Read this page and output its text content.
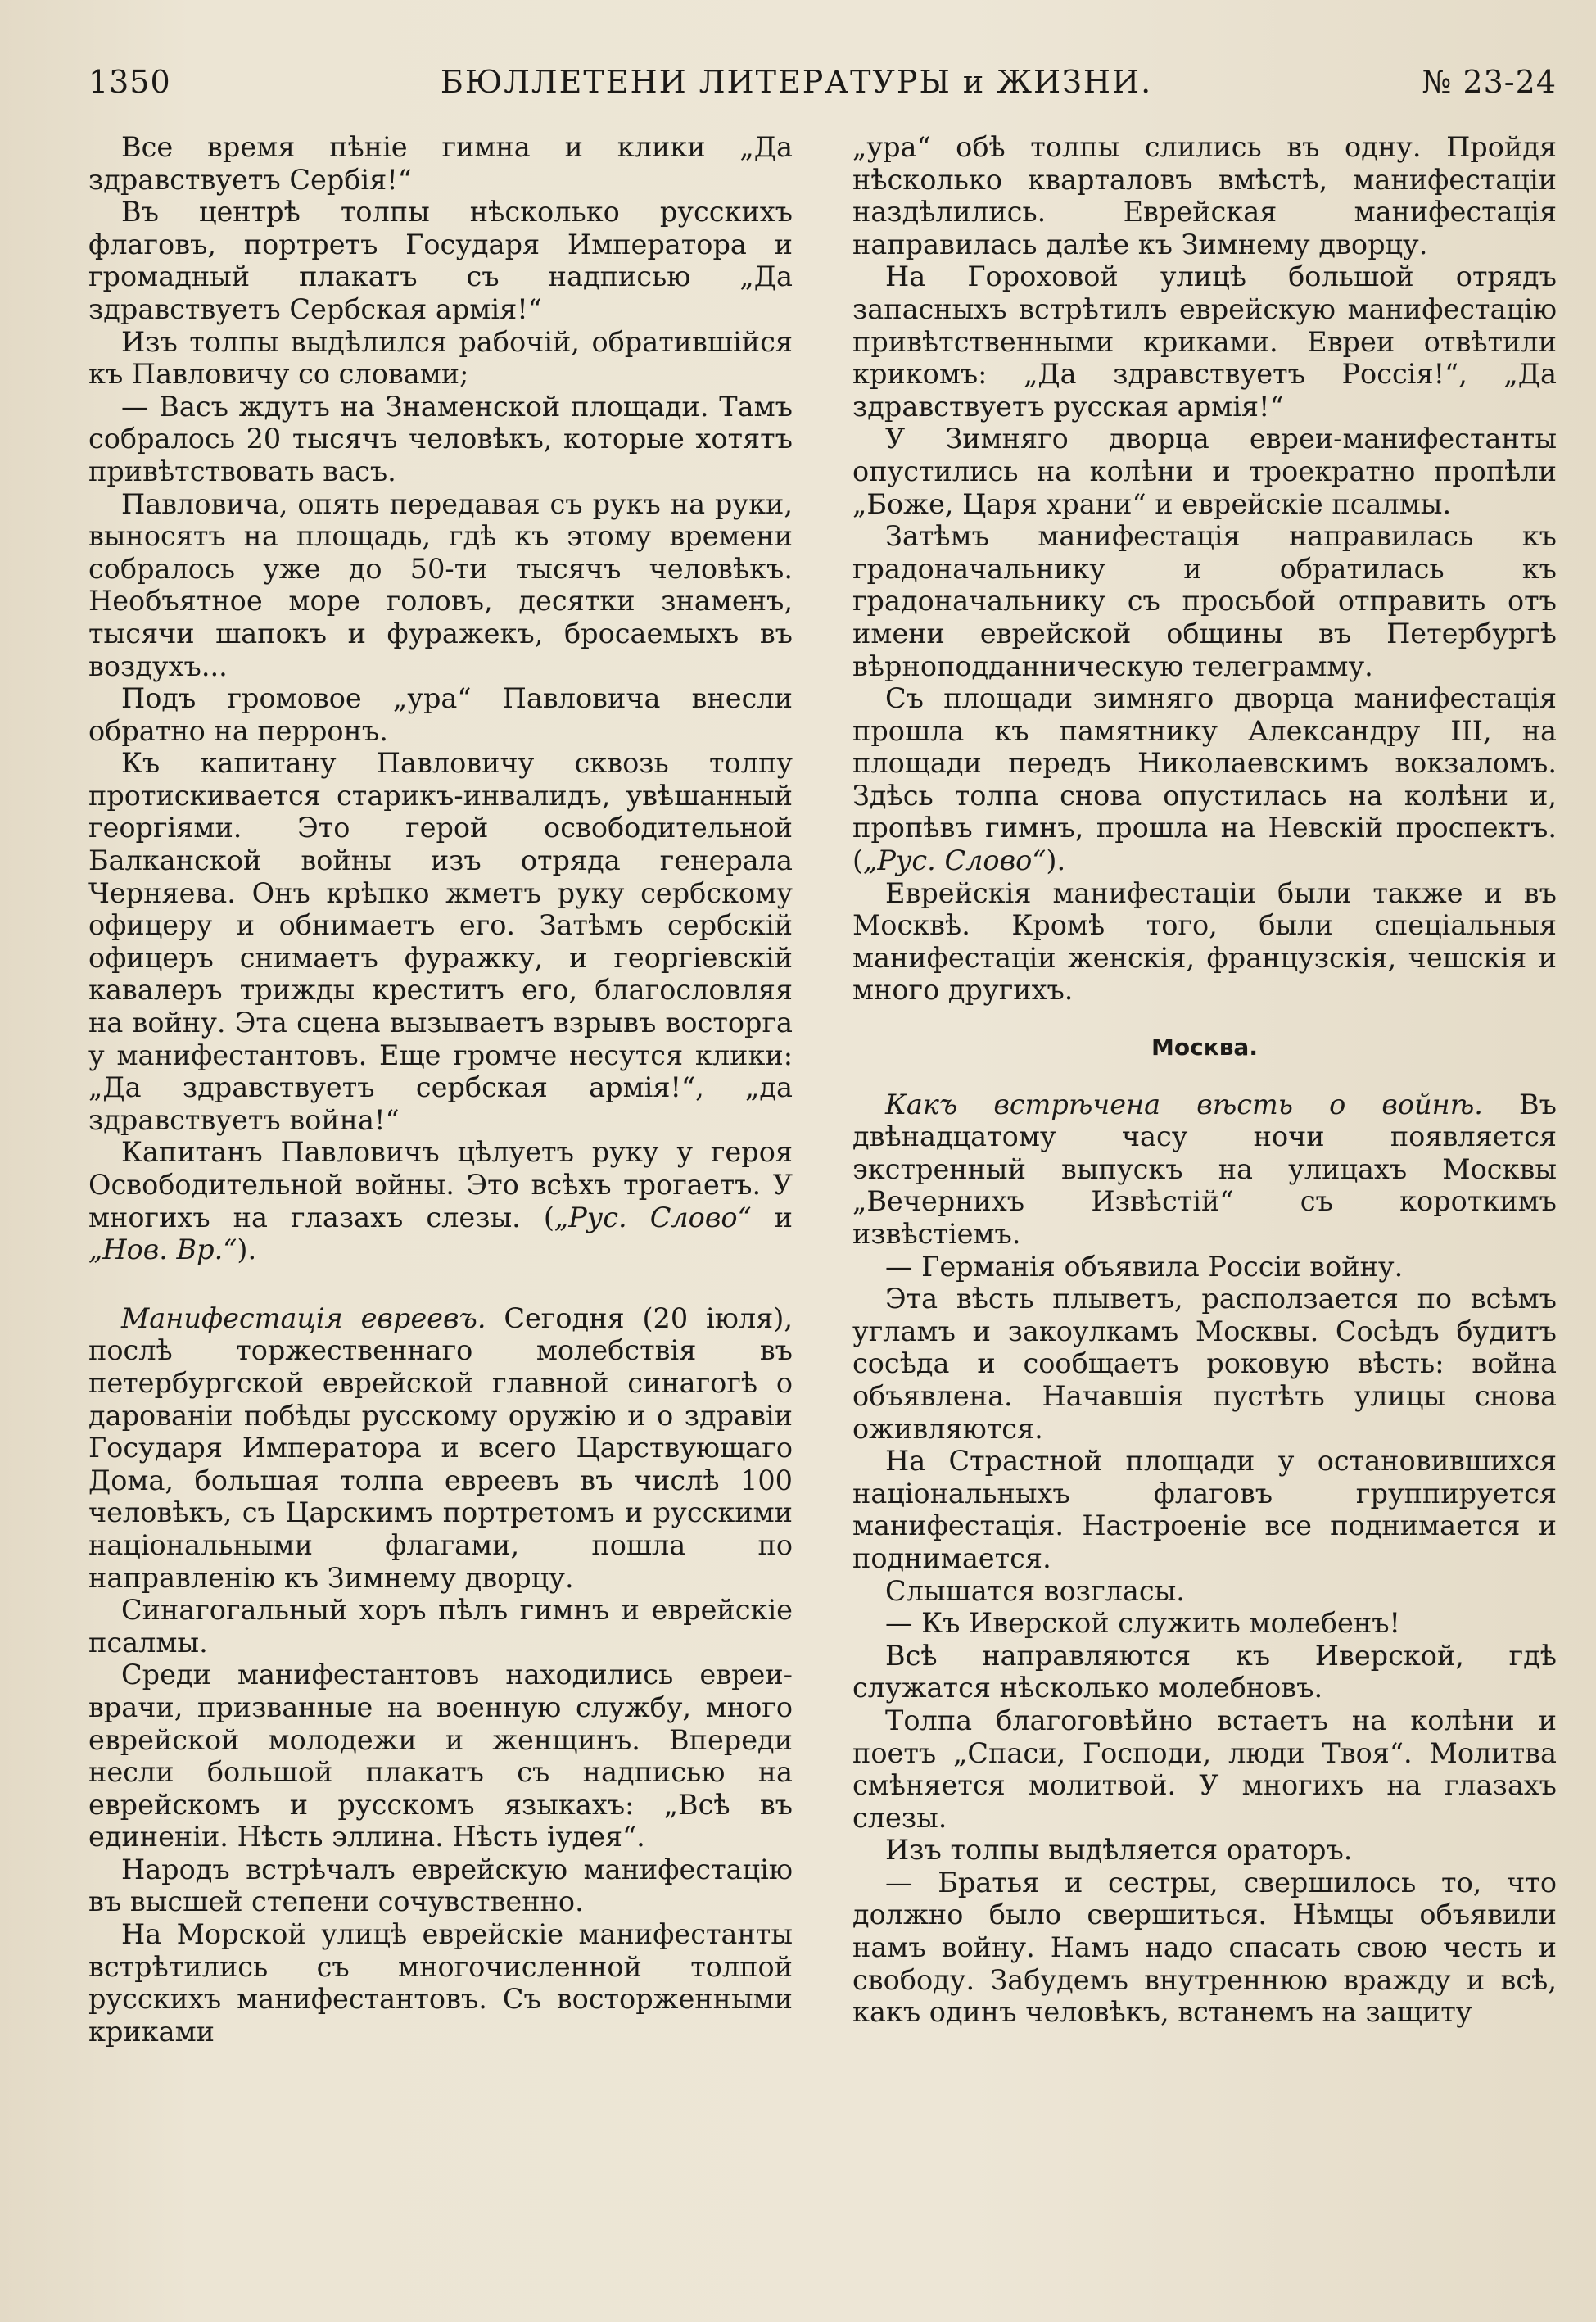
1350	БЮЛЛЕТЕНИ ЛИТЕРАТУРЫ и ЖИЗНИ.	№ 23-24

Все время пѣніе гимна и клики „Да здравствуетъ Сербія!“

Въ центрѣ толпы нѣсколько русскихъ флаговъ, портретъ Государя Императора и громадный плакатъ съ надписью „Да здравствуетъ Сербская армія!“

Изъ толпы выдѣлился рабочій, обратившійся къ Павловичу со словами;

— Васъ ждутъ на Знаменской площади. Тамъ собралось 20 тысячъ человѣкъ, которые хотятъ привѣтствовать васъ.

Павловича, опять передавая съ рукъ на руки, выносятъ на площадь, гдѣ къ этому времени собралось уже до 50-ти тысячъ человѣкъ. Необъятное море головъ, десятки знаменъ, тысячи шапокъ и фуражекъ, бросаемыхъ въ воздухъ...

Подъ громовое „ура“ Павловича внесли обратно на перронъ.

Къ капитану Павловичу сквозь толпу протискивается старикъ-инвалидъ, увѣшанный георгіями. Это герой освободительной Балканской войны изъ отряда генерала Черняева. Онъ крѣпко жметъ руку сербскому офицеру и обнимаетъ его. Затѣмъ сербскій офицеръ снимаетъ фуражку, и георгіевскій кавалеръ трижды креститъ его, благословляя на войну. Эта сцена вызываетъ взрывъ восторга у манифестантовъ. Еще громче несутся клики: „Да здравствуетъ сербская армія!“, „да здравствуетъ война!“

Капитанъ Павловичъ цѣлуетъ руку у героя Освободительной войны. Это всѣхъ трогаетъ. У многихъ на глазахъ слезы. („Рус. Слово“ и „Нов. Вр.“).

Манифестація евреевъ. Сегодня (20 іюля), послѣ торжественнаго молебствія въ петербургской еврейской главной синагогѣ о дарованіи побѣды русскому оружію и о здравіи Государя Императора и всего Царствующаго Дома, большая толпа евреевъ въ числѣ 100 человѣкъ, съ Царскимъ портретомъ и русскими національными флагами, пошла по направленію къ Зимнему дворцу.

Синагогальный хоръ пѣлъ гимнъ и еврейскіе псалмы.

Среди манифестантовъ находились евреи-врачи, призванные на военную службу, много еврейской молодежи и женщинъ. Впереди несли большой плакатъ съ надписью на еврейскомъ и русскомъ языкахъ: „Всѣ въ единеніи. Нѣсть эллина. Нѣсть іудея“.

Народъ встрѣчалъ еврейскую манифестацію въ высшей степени сочувственно.

На Морской улицѣ еврейскіе манифестанты встрѣтились съ многочисленной толпой русскихъ манифестантовъ. Съ восторженными криками

„ура“ обѣ толпы слились въ одну. Пройдя нѣсколько кварталовъ вмѣстѣ, манифестаціи наздѣлились. Еврейская манифестація направилась далѣе къ Зимнему дворцу.

На Гороховой улицѣ большой отрядъ запасныхъ встрѣтилъ еврейскую манифестацію привѣтственными криками. Евреи отвѣтили крикомъ: „Да здравствуетъ Россія!“, „Да здравствуетъ русская армія!“

У Зимняго дворца евреи-манифестанты опустились на колѣни и троекратно пропѣли „Боже, Царя храни“ и еврейскіе псалмы.

Затѣмъ манифестація направилась къ градоначальнику и обратилась къ градоначальнику съ просьбой отправить отъ имени еврейской общины въ Петербургѣ вѣрноподданническую телеграмму.

Съ площади зимняго дворца манифестація прошла къ памятнику Александру III, на площади передъ Николаевскимъ вокзаломъ. Здѣсь толпа снова опустилась на колѣни и, пропѣвъ гимнъ, прошла на Невскій проспектъ. („Рус. Слово“).

Еврейскія манифестаціи были также и въ Москвѣ. Кромѣ того, были спеціальныя манифестаціи женскія, французскія, чешскія и много другихъ.

Москва.

Какъ встрѣчена вѣсть о войнѣ. Въ двѣнадцатому часу ночи появляется экстренный выпускъ на улицахъ Москвы „Вечернихъ Извѣстій“ съ короткимъ извѣстіемъ.

— Германія объявила Россіи войну.

Эта вѣсть плыветъ, расползается по всѣмъ угламъ и закоулкамъ Москвы. Сосѣдъ будитъ сосѣда и сообщаетъ роковую вѣсть: война объявлена. Начавшія пустѣть улицы снова оживляются.

На Страстной площади у остановившихся національныхъ флаговъ группируется манифестація. Настроеніе все поднимается и поднимается.

Слышатся возгласы.

— Къ Иверской служить молебенъ!

Всѣ направляются къ Иверской, гдѣ служатся нѣсколько молебновъ.

Толпа благоговѣйно встаетъ на колѣни и поетъ „Спаси, Господи, люди Твоя“. Молитва смѣняется молитвой. У многихъ на глазахъ слезы.

Изъ толпы выдѣляется ораторъ.

— Братья и сестры, свершилось то, что должно было свершиться. Нѣмцы объявили намъ войну. Намъ надо спасать свою честь и свободу. Забудемъ внутреннюю вражду и всѣ, какъ одинъ человѣкъ, встанемъ на защиту
